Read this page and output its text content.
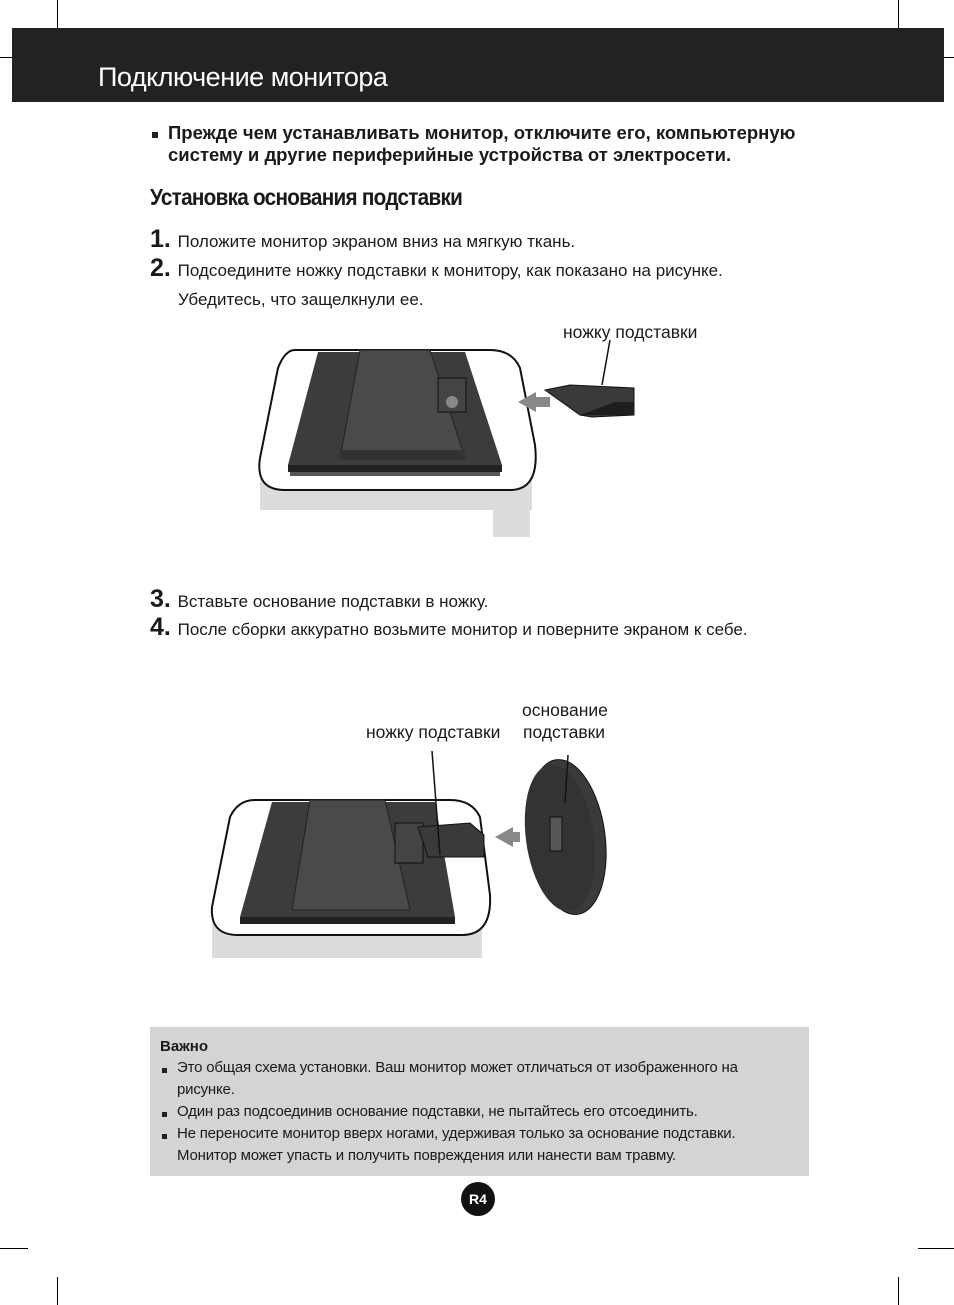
Подключение монитора
Прежде чем устанавливать монитор, отключите его, компьютерную систему и другие периферийные устройства от электросети.
Установка основания подставки
1. Положите монитор экраном вниз на мягкую ткань.
2. Подсоедините ножку подставки к монитору, как показано на рисунке.
Убедитесь, что защелкнули ее.
ножку подставки
3. Вставьте основание подставки в ножку.
4. После сборки аккуратно возьмите монитор и поверните экраном к себе.
основание
подставки
ножку подставки
Важно
Это общая схема установки. Ваш монитор может отличаться от изображенного на
рисунке.
Один раз подсоединив основание подставки, не пытайтесь его отсоединить.
Не переносите монитор вверх ногами, удерживая только за основание подставки.
Монитор может упасть и получить повреждения или нанести вам травму.
R4
